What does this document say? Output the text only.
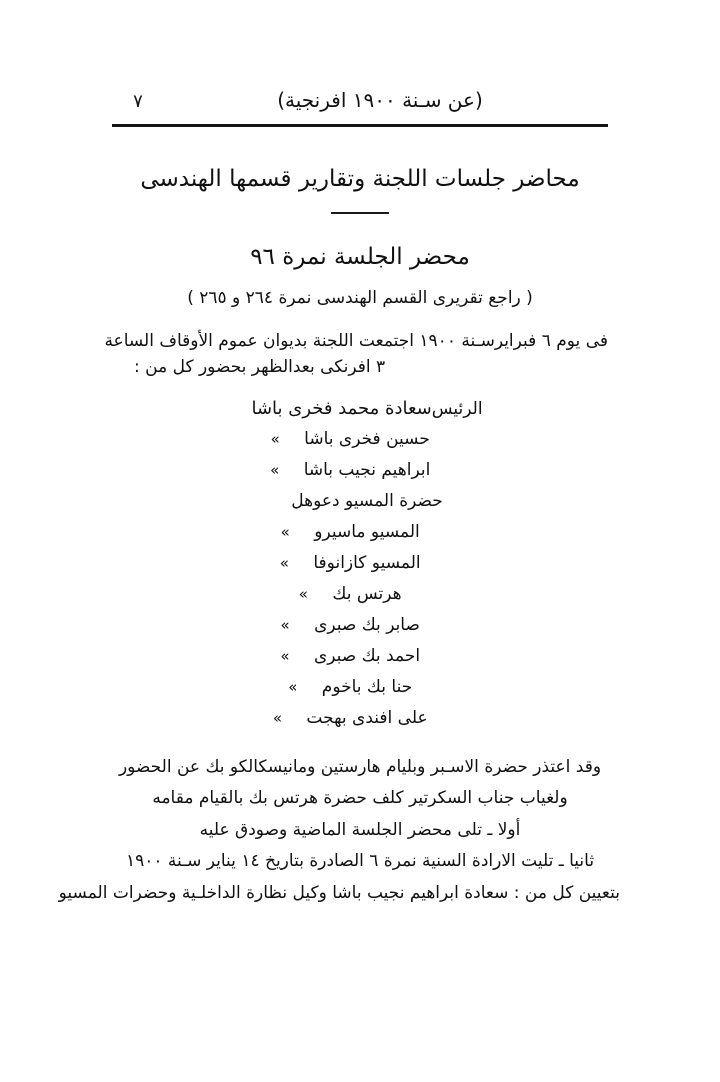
٧	(عن سـنة ١٩٠٠ افرنجية)
محاضر جلسات اللجنة وتقارير قسمها الهندسى
محضر الجلسة نمرة ٩٦
( راجع تقريرى القسم الهندسى نمرة ٢٦٤ و ٢٦٥ )
فى يوم ٦ فبرايرسـنة ١٩٠٠ اجتمعت اللجنة بديوان عموم الأوقاف الساعة
٣ افرنكى بعدالظهر بحضور كل من :
الرئيس
سعادة محمد فخرى باشا
حسين فخرى باشا
»
ابراهيم نجيب باشا
»
حضرة المسيو دعوهل
المسيو ماسيرو
»
المسيو كازانوفا
»
هرتس بك
»
صابر بك صبرى
»
احمد بك صبرى
»
حنا بك باخوم
»
على افندى بهجت
»
وقد اعتذر حضرة الاسـبر وبليام هارستين ومانيسكالكو بك عن الحضور
ولغياب جناب السكرتير كلف حضرة هرتس بك بالقيام مقامه
أولا ـ تلى محضر الجلسة الماضية وصودق عليه
ثانيا ـ تليت الارادة السنية نمرة ٦ الصادرة بتاريخ ١٤ يناير سـنة ١٩٠٠
بتعيين كل من : سعادة ابراهيم نجيب باشا وكيل نظارة الداخلـية وحضرات المسيو
